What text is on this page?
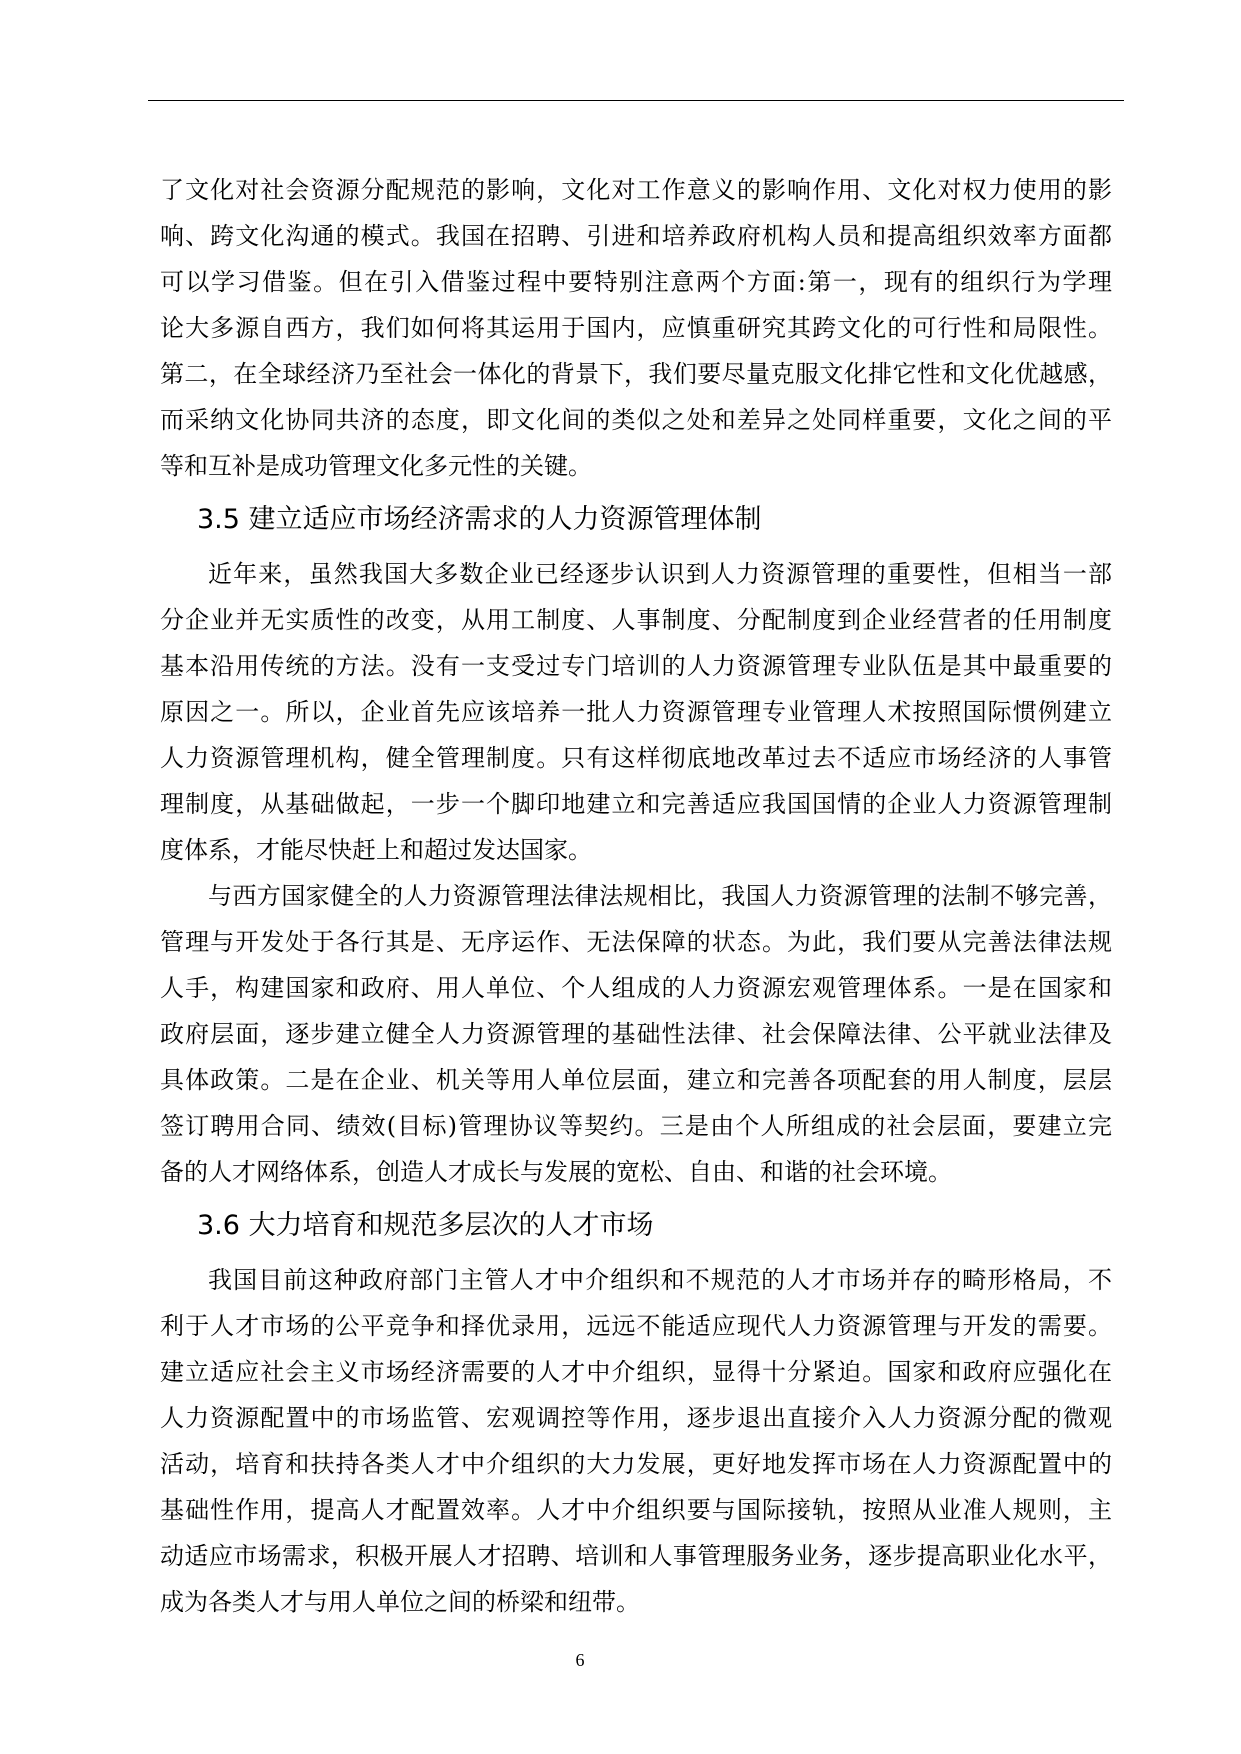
了文化对社会资源分配规范的影响，文化对工作意义的影响作用、文化对权力使用的影
响、跨文化沟通的模式。我国在招聘、引进和培养政府机构人员和提高组织效率方面都
可以学习借鉴。但在引入借鉴过程中要特别注意两个方面:第一，现有的组织行为学理
论大多源自西方，我们如何将其运用于国内，应慎重研究其跨文化的可行性和局限性。
第二，在全球经济乃至社会一体化的背景下，我们要尽量克服文化排它性和文化优越感，
而采纳文化协同共济的态度，即文化间的类似之处和差异之处同样重要，文化之间的平
等和互补是成功管理文化多元性的关键。
3.5 建立适应市场经济需求的人力资源管理体制
近年来，虽然我国大多数企业已经逐步认识到人力资源管理的重要性，但相当一部
分企业并无实质性的改变，从用工制度、人事制度、分配制度到企业经营者的任用制度
基本沿用传统的方法。没有一支受过专门培训的人力资源管理专业队伍是其中最重要的
原因之一。所以，企业首先应该培养一批人力资源管理专业管理人术按照国际惯例建立
人力资源管理机构，健全管理制度。只有这样彻底地改革过去不适应市场经济的人事管
理制度，从基础做起，一步一个脚印地建立和完善适应我国国情的企业人力资源管理制
度体系，才能尽快赶上和超过发达国家。
与西方国家健全的人力资源管理法律法规相比，我国人力资源管理的法制不够完善，
管理与开发处于各行其是、无序运作、无法保障的状态。为此，我们要从完善法律法规
人手，构建国家和政府、用人单位、个人组成的人力资源宏观管理体系。一是在国家和
政府层面，逐步建立健全人力资源管理的基础性法律、社会保障法律、公平就业法律及
具体政策。二是在企业、机关等用人单位层面，建立和完善各项配套的用人制度，层层
签订聘用合同、绩效(目标)管理协议等契约。三是由个人所组成的社会层面，要建立完
备的人才网络体系，创造人才成长与发展的宽松、自由、和谐的社会环境。
3.6 大力培育和规范多层次的人才市场
我国目前这种政府部门主管人才中介组织和不规范的人才市场并存的畸形格局，不
利于人才市场的公平竞争和择优录用，远远不能适应现代人力资源管理与开发的需要。
建立适应社会主义市场经济需要的人才中介组织，显得十分紧迫。国家和政府应强化在
人力资源配置中的市场监管、宏观调控等作用，逐步退出直接介入人力资源分配的微观
活动，培育和扶持各类人才中介组织的大力发展，更好地发挥市场在人力资源配置中的
基础性作用，提高人才配置效率。人才中介组织要与国际接轨，按照从业准人规则，主
动适应市场需求，积极开展人才招聘、培训和人事管理服务业务，逐步提高职业化水平，
成为各类人才与用人单位之间的桥梁和纽带。
6
